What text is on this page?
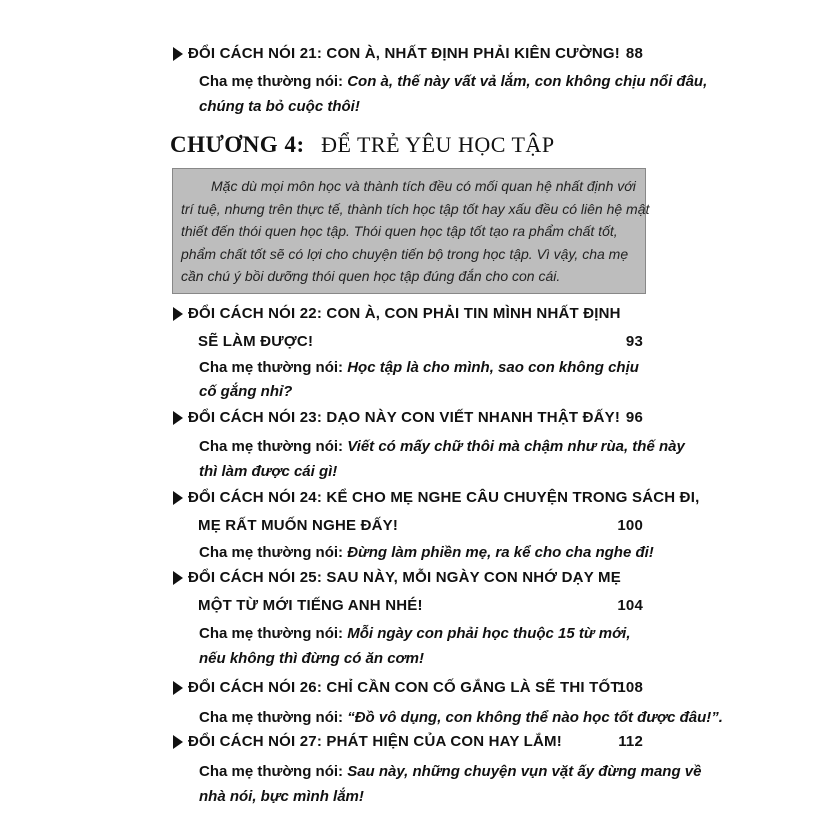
ĐỔI CÁCH NÓI 21: CON À, NHẤT ĐỊNH PHẢI KIÊN CƯỜNG! 88
Cha mẹ thường nói: Con à, thế này vất vả lắm, con không chịu nổi đâu,
chúng ta bỏ cuộc thôi!
CHƯƠNG 4: ĐỂ TRẺ YÊU HỌC TẬP
Mặc dù mọi môn học và thành tích đều có mối quan hệ nhất định với
trí tuệ, nhưng trên thực tế, thành tích học tập tốt hay xấu đều có liên hệ mật
thiết đến thói quen học tập. Thói quen học tập tốt tạo ra phẩm chất tốt,
phẩm chất tốt sẽ có lợi cho chuyện tiến bộ trong học tập. Vì vậy, cha mẹ
cần chú ý bồi dưỡng thói quen học tập đúng đắn cho con cái.
ĐỔI CÁCH NÓI 22: CON À, CON PHẢI TIN MÌNH NHẤT ĐỊNH
SẼ LÀM ĐƯỢC!	93
Cha mẹ thường nói: Học tập là cho mình, sao con không chịu
cố gắng nhỉ?
ĐỔI CÁCH NÓI 23: DẠO NÀY CON VIẾT NHANH THẬT ĐẤY! 96
Cha mẹ thường nói: Viết có mấy chữ thôi mà chậm như rùa, thế này
thì làm được cái gì!
ĐỔI CÁCH NÓI 24: KỂ CHO MẸ NGHE CÂU CHUYỆN TRONG SÁCH ĐI,
MẸ RẤT MUỐN NGHE ĐẤY!	100
Cha mẹ thường nói: Đừng làm phiền mẹ, ra kể cho cha nghe đi!
ĐỔI CÁCH NÓI 25: SAU NÀY, MỖI NGÀY CON NHỚ DẠY MẸ
MỘT TỪ MỚI TIẾNG ANH NHÉ!	104
Cha mẹ thường nói: Mỗi ngày con phải học thuộc 15 từ mới,
nếu không thì đừng có ăn cơm!
ĐỔI CÁCH NÓI 26: CHỈ CẦN CON CỐ GẮNG LÀ SẼ THI TỐT!
108
Cha mẹ thường nói: “Đồ vô dụng, con không thể nào học tốt được đâu!”.
ĐỔI CÁCH NÓI 27: PHÁT HIỆN CỦA CON HAY LẮM!	112
Cha mẹ thường nói: Sau này, những chuyện vụn vặt ấy đừng mang về
nhà nói, bực mình lắm!
